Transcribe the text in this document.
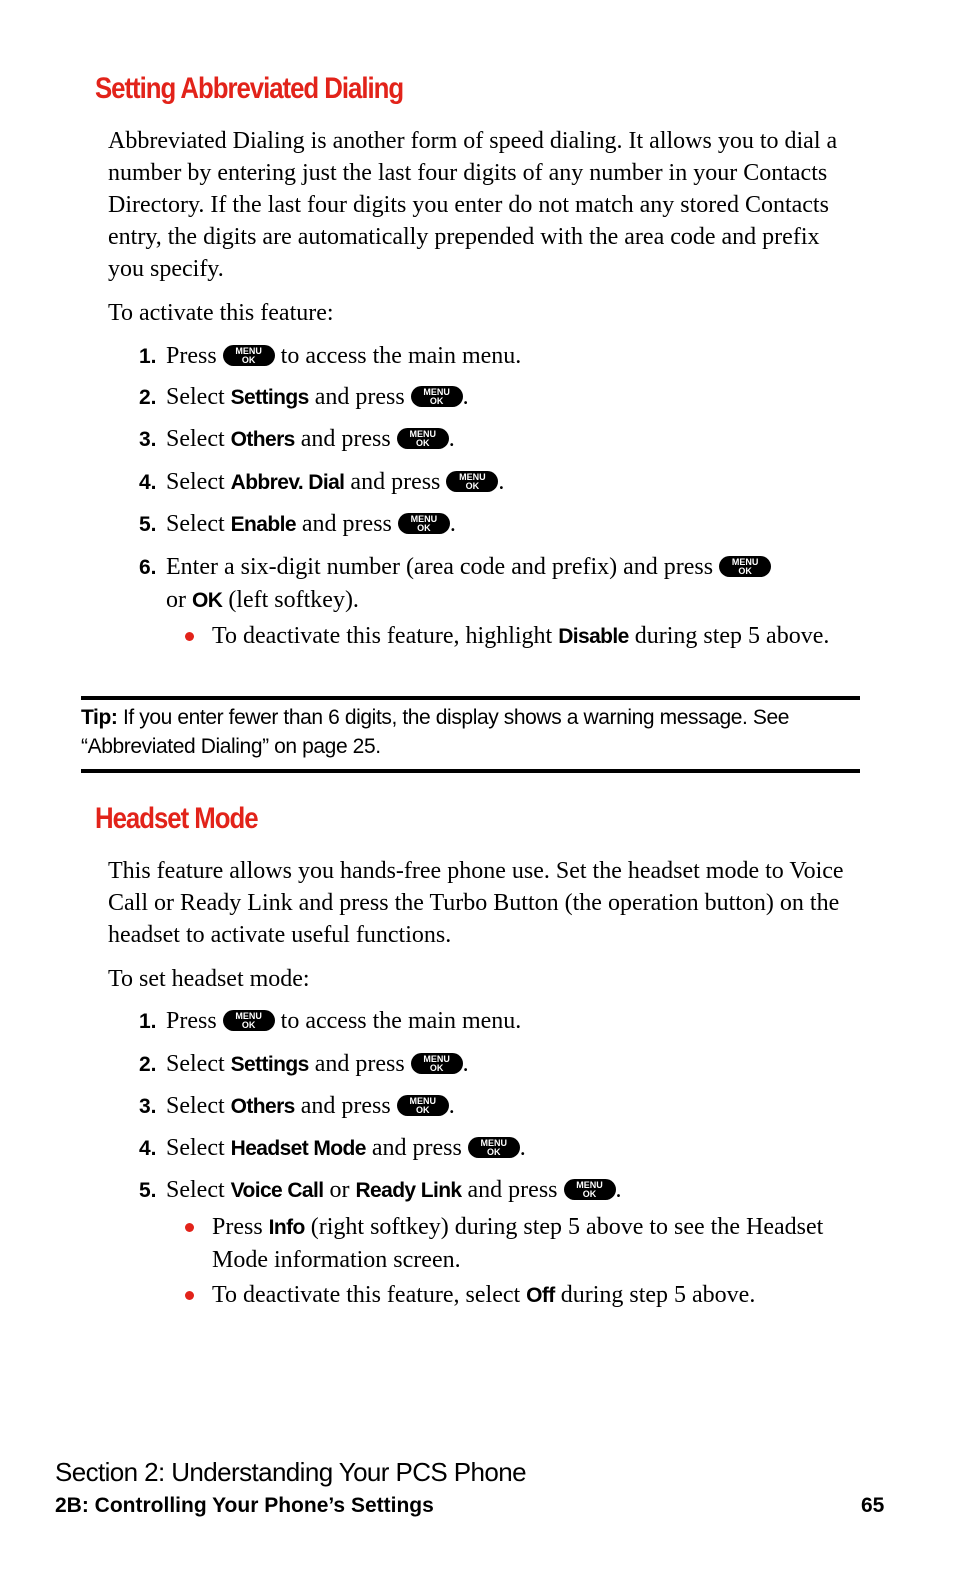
Setting Abbreviated Dialing

Abbreviated Dialing is another form of speed dialing. It allows you to dial a number by entering just the last four digits of any number in your Contacts Directory. If the last four digits you enter do not match any stored Contacts entry, the digits are automatically prepended with the area code and prefix you specify.

To activate this feature:

1. Press	MENU
OK	to access the main menu.

2. Select Settings and press	MENU
OK .

3. Select Others and press	MENU
OK .

4. Select Abbrev. Dial and press	MENU
OK .

5. Select Enable and press	MENU
OK .

6. Enter a six-digit number (area code and prefix) and press	MENU
OK
or OK (left softkey).

To deactivate this feature, highlight Disable during step 5 above.

Tip: If you enter fewer than 6 digits, the display shows a warning message. See “Abbreviated Dialing” on page 25.

Headset Mode

This feature allows you hands-free phone use. Set the headset mode to Voice Call or Ready Link and press the Turbo Button (the operation button) on the headset to activate useful functions.

To set headset mode:

1. Press	MENU
OK	to access the main menu.

2. Select Settings and press	MENU
OK .

3. Select Others and press	MENU
OK .

4. Select Headset Mode and press	MENU
OK .

5. Select Voice Call or Ready Link and press	MENU
OK .

Press Info (right softkey) during step 5 above to see the Headset Mode information screen.

To deactivate this feature, select Off during step 5 above.

Section 2: Understanding Your PCS Phone

2B: Controlling Your Phone’s Settings	65
